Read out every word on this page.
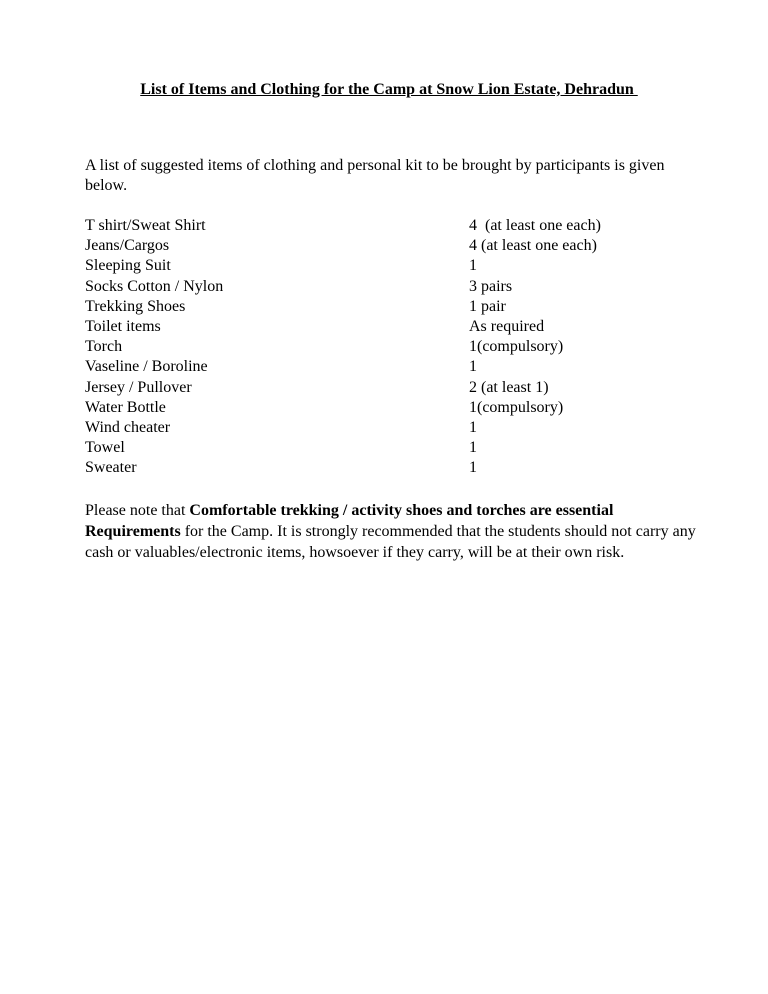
List of Items and Clothing for the Camp at Snow Lion Estate, Dehradun
A list of suggested items of clothing and personal kit to be brought by participants is given below.
T shirt/Sweat Shirt	4  (at least one each)
Jeans/Cargos	4 (at least one each)
Sleeping Suit	1
Socks Cotton / Nylon	3 pairs
Trekking Shoes	1 pair
Toilet items	As required
Torch	1(compulsory)
Vaseline / Boroline	1
Jersey / Pullover	2 (at least 1)
Water Bottle	1(compulsory)
Wind cheater	1
Towel	1
Sweater	1
Please note that Comfortable trekking / activity shoes and torches are essential Requirements for the Camp. It is strongly recommended that the students should not carry any cash or valuables/electronic items, howsoever if they carry, will be at their own risk.
